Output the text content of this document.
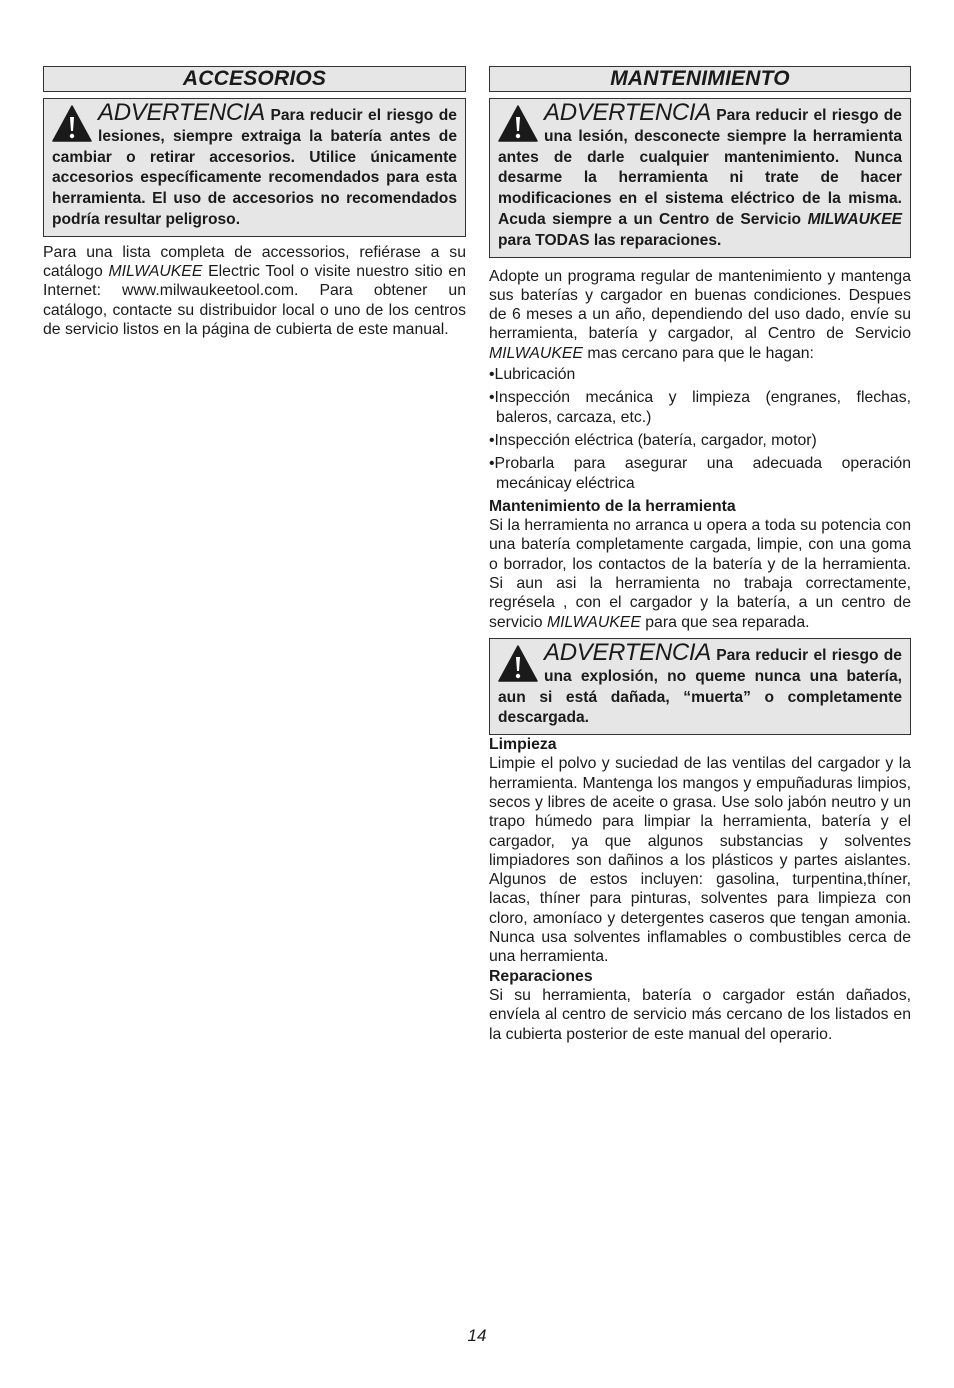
ACCESORIOS
ADVERTENCIA Para reducir el riesgo de lesiones, siempre extraiga la batería antes de cambiar o retirar accesorios. Utilice únicamente accesorios específicamente recomendados para esta herramienta. El uso de accesorios no recomendados podría resultar peligroso.

Para una lista completa de accessorios, refiérase a su catálogo MILWAUKEE Electric Tool o visite nuestro sitio en Internet: www.milwaukeetool.com. Para obtener un catálogo, contacte su distribuidor local o uno de los centros de servicio listos en la página de cubierta de este manual.

MANTENIMIENTO
ADVERTENCIA Para reducir el riesgo de una lesión, desconecte siempre la herramienta antes de darle cualquier mantenimiento. Nunca desarme la herramienta ni trate de hacer modificaciones en el sistema eléctrico de la misma. Acuda siempre a un Centro de Servicio MILWAUKEE para TODAS las reparaciones.

Adopte un programa regular de mantenimiento y mantenga sus baterías y cargador en buenas condiciones. Despues de 6 meses a un año, dependiendo del uso dado, envíe su herramienta, batería y cargador, al Centro de Servicio MILWAUKEE mas cercano para que le hagan:

•Lubricación
•Inspección mecánica y limpieza (engranes, flechas, baleros, carcaza, etc.)
•Inspección eléctrica (batería, cargador, motor)
•Probarla para asegurar una adecuada operación mecánicay eléctrica

Mantenimiento de la herramienta

Si la herramienta no arranca u opera a toda su potencia con una batería completamente cargada, limpie, con una goma o borrador, los contactos de la batería y de la herramienta. Si aun asi la herramienta no trabaja correctamente, regrésela , con el cargador y la batería, a un centro de servicio MILWAUKEE para que sea reparada.

ADVERTENCIA Para reducir el riesgo de una explosión, no queme nunca una batería, aun si está dañada, “muerta” o completamente descargada.

Limpieza

Limpie el polvo y suciedad de las ventilas del cargador y la herramienta. Mantenga los mangos y empuñaduras limpios, secos y libres de aceite o grasa. Use solo jabón neutro y un trapo húmedo para limpiar la herramienta, batería y el cargador, ya que algunos substancias y solventes limpiadores son dañinos a los plásticos y partes aislantes. Algunos de estos incluyen: gasolina, turpentina,thíner, lacas, thíner para pinturas, solventes para limpieza con cloro, amoníaco y detergentes caseros que tengan amonia. Nunca usa solventes inflamables o combustibles cerca de una herramienta.

Reparaciones

Si su herramienta, batería o cargador están dañados, envíela al centro de servicio más cercano de los listados en la cubierta posterior de este manual del operario.

14
